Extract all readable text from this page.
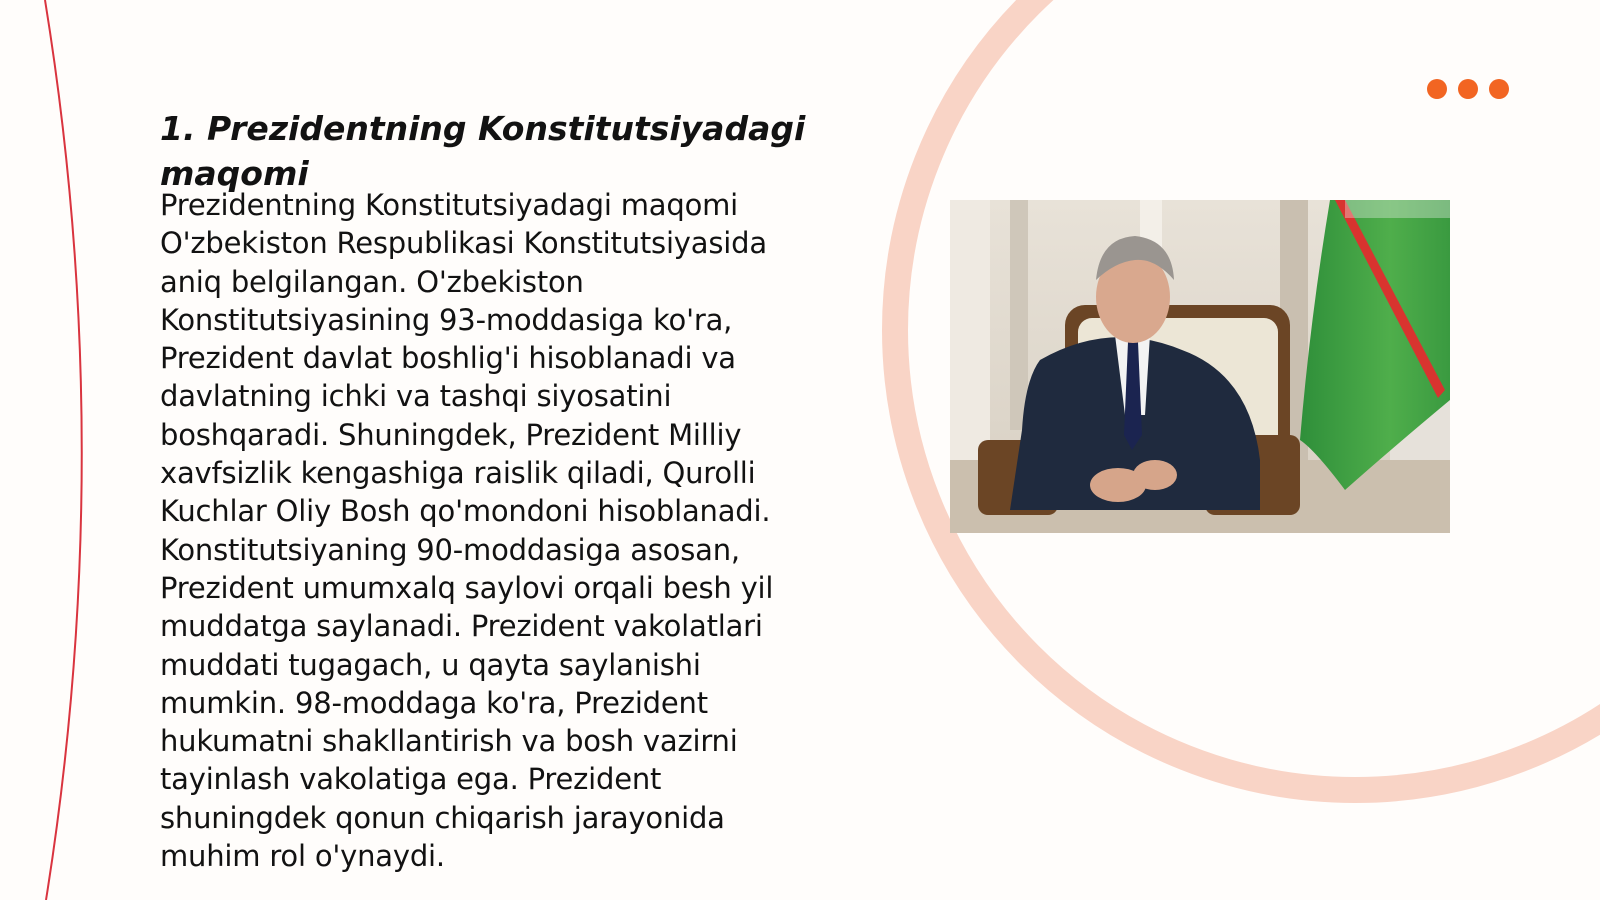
1. Prezidentning Konstitutsiyadagi maqomi

Prezidentning Konstitutsiyadagi maqomi O'zbekiston Respublikasi Konstitutsiyasida aniq belgilangan. O'zbekiston Konstitutsiyasining 93-moddasiga ko'ra, Prezident davlat boshlig'i hisoblanadi va davlatning ichki va tashqi siyosatini boshqaradi. Shuningdek, Prezident Milliy xavfsizlik kengashiga raislik qiladi, Qurolli Kuchlar Oliy Bosh qo'mondoni hisoblanadi. Konstitutsiyaning 90-moddasiga asosan, Prezident umumxalq saylovi orqali besh yil muddatga saylanadi. Prezident vakolatlari muddati tugagach, u qayta saylanishi mumkin. 98-moddaga ko'ra, Prezident hukumatni shakllantirish va bosh vazirni tayinlash vakolatiga ega. Prezident shuningdek qonun chiqarish jarayonida muhim rol o'ynaydi.
